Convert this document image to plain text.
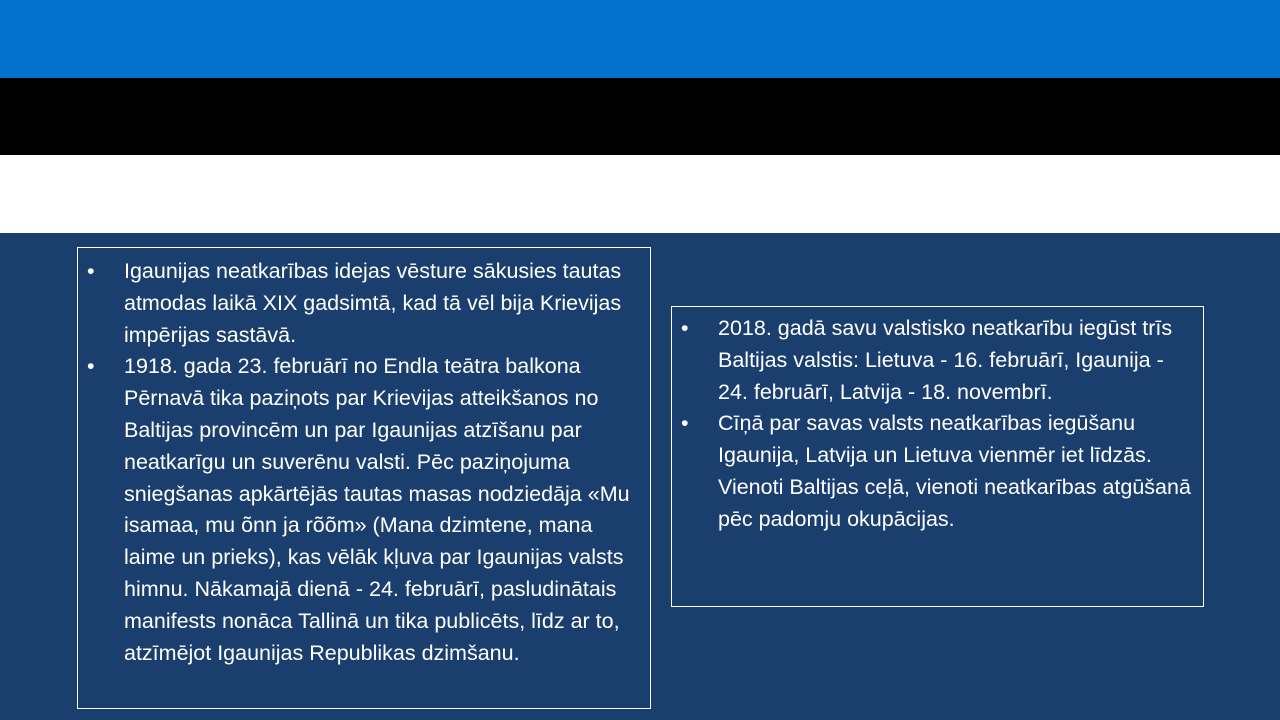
• Igaunijas neatkarības idejas vēsture sākusies tautas atmodas laikā XIX gadsimtā, kad tā vēl bija Krievijas impērijas sastāvā.
• 1918. gada 23. februārī no Endla teātra balkona Pērnavā tika paziņots par Krievijas atteikšanos no Baltijas provincēm un par Igaunijas atzīšanu par neatkarīgu un suverēnu valsti. Pēc paziņojuma sniegšanas apkārtējās tautas masas nodziedāja «Mu isamaa, mu õnn ja rõõm» (Mana dzimtene, mana laime un prieks), kas vēlāk kļuva par Igaunijas valsts himnu. Nākamajā dienā - 24. februārī, pasludinātais manifests nonāca Tallinā un tika publicēts, līdz ar to, atzīmējot Igaunijas Republikas dzimšanu.
• 2018. gadā savu valstisko neatkarību iegūst trīs Baltijas valstis: Lietuva - 16. februārī, Igaunija - 24. februārī, Latvija - 18. novembrī.
• Cīņā par savas valsts neatkarības iegūšanu Igaunija, Latvija un Lietuva vienmēr iet līdzās. Vienoti Baltijas ceļā, vienoti neatkarības atgūšanā pēc padomju okupācijas.
